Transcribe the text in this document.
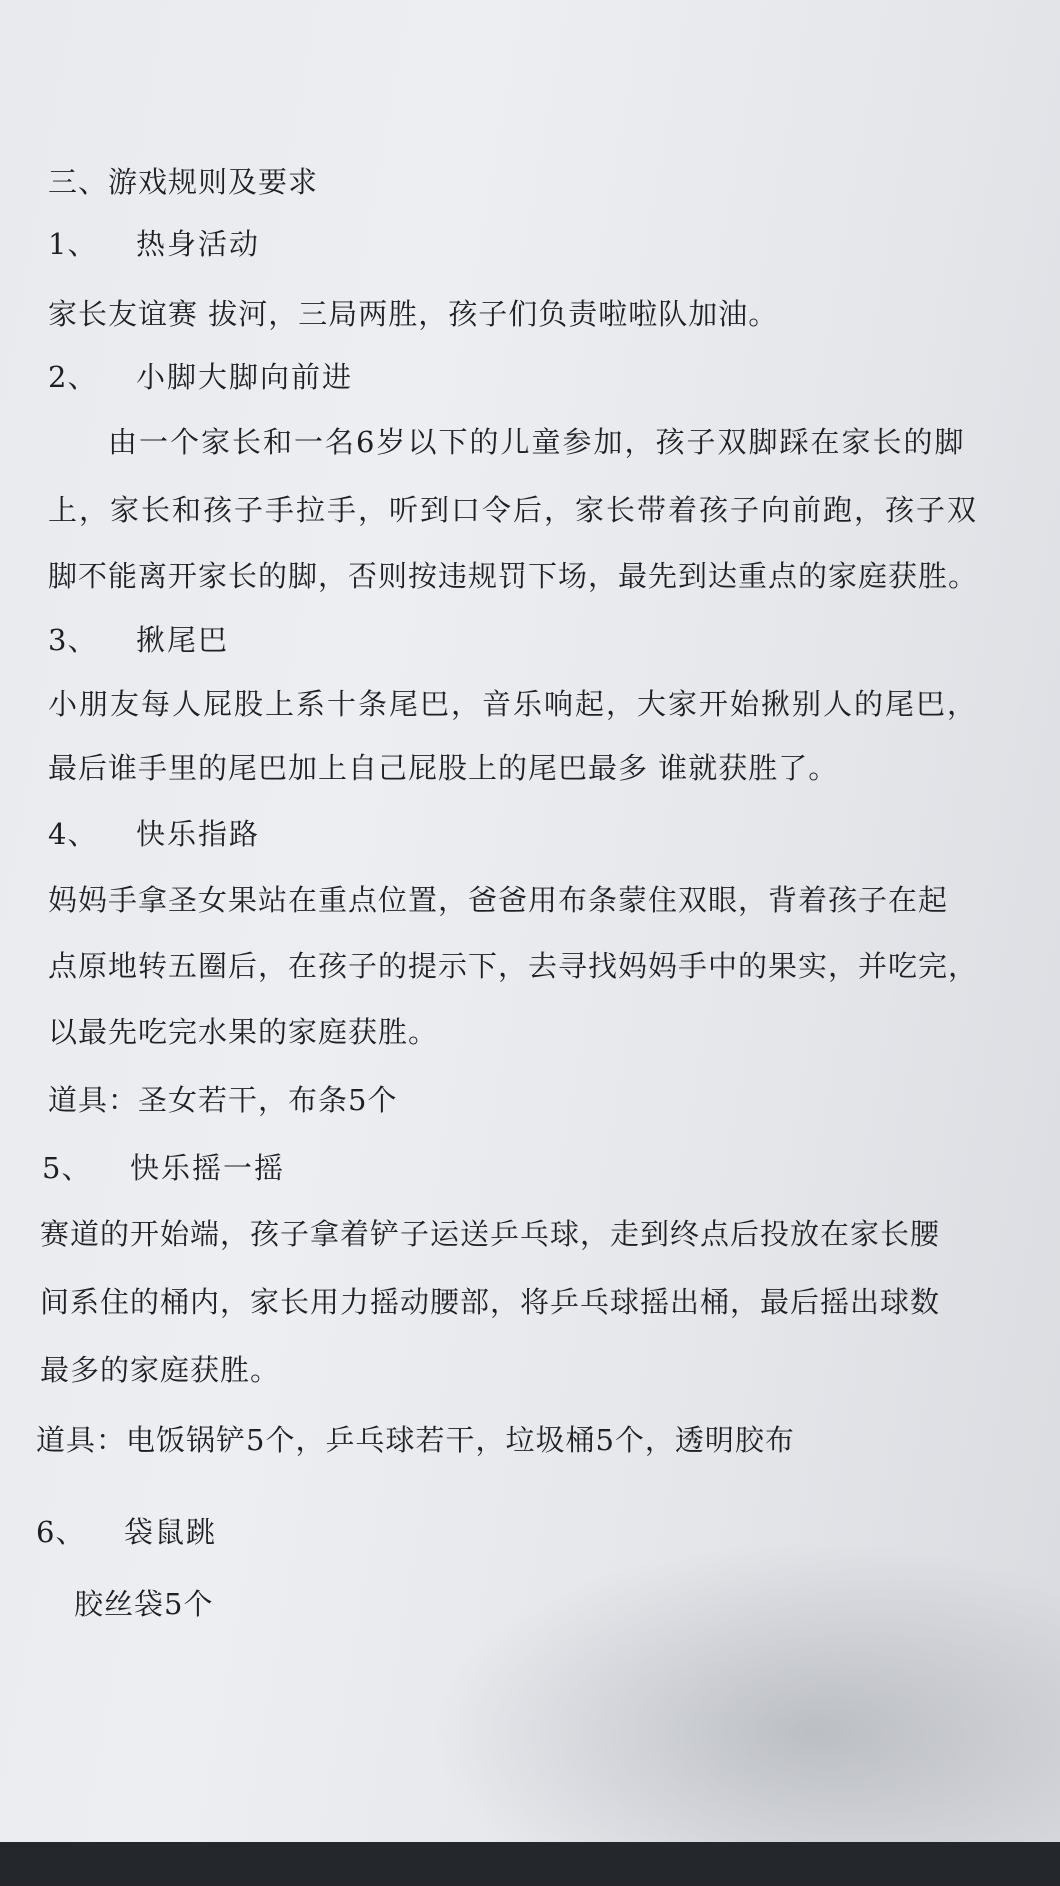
三、游戏规则及要求

1、 热身活动

家长友谊赛 拔河，三局两胜，孩子们负责啦啦队加油。

2、 小脚大脚向前进

由一个家长和一名6岁以下的儿童参加，孩子双脚踩在家长的脚

上，家长和孩子手拉手，听到口令后，家长带着孩子向前跑，孩子双

脚不能离开家长的脚，否则按违规罚下场，最先到达重点的家庭获胜。

3、 揪尾巴

小朋友每人屁股上系十条尾巴，音乐响起，大家开始揪别人的尾巴，

最后谁手里的尾巴加上自己屁股上的尾巴最多 谁就获胜了。

4、 快乐指路

妈妈手拿圣女果站在重点位置，爸爸用布条蒙住双眼，背着孩子在起

点原地转五圈后，在孩子的提示下，去寻找妈妈手中的果实，并吃完，

以最先吃完水果的家庭获胜。

道具：圣女若干，布条5个

5、 快乐摇一摇

赛道的开始端，孩子拿着铲子运送乒乓球，走到终点后投放在家长腰

间系住的桶内，家长用力摇动腰部，将乒乓球摇出桶，最后摇出球数

最多的家庭获胜。

道具：电饭锅铲5个，乒乓球若干，垃圾桶5个，透明胶布

6、 袋鼠跳

胶丝袋5个
